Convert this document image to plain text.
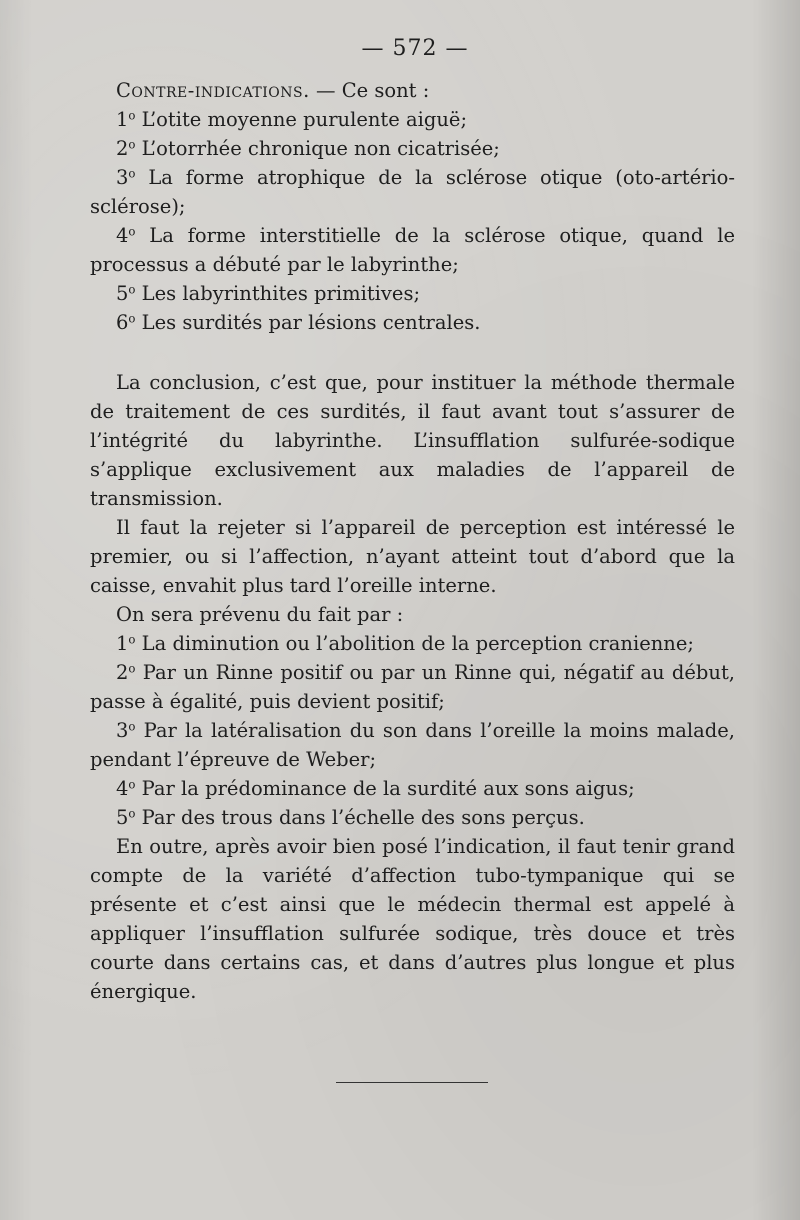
— 572 —

Contre-indications. — Ce sont :

1$^o$ L’otite moyenne purulente aiguë;

2$^o$ L’otorrhée chronique non cicatrisée;

3$^o$ La forme atrophique de la sclérose otique (oto-artério-sclérose);

4$^o$ La forme interstitielle de la sclérose otique, quand le processus a débuté par le labyrinthe;

5$^o$ Les labyrinthites primitives;

6$^o$ Les surdités par lésions centrales.

La conclusion, c’est que, pour instituer la méthode thermale de traitement de ces surdités, il faut avant tout s’assurer de l’intégrité du labyrinthe. L’insufflation sulfurée-sodique s’applique exclusivement aux maladies de l’appareil de transmission.

Il faut la rejeter si l’appareil de perception est intéressé le premier, ou si l’affection, n’ayant atteint tout d’abord que la caisse, envahit plus tard l’oreille interne.

On sera prévenu du fait par :

1$^o$ La diminution ou l’abolition de la perception cranienne;

2$^o$ Par un Rinne positif ou par un Rinne qui, négatif au début, passe à égalité, puis devient positif;

3$^o$ Par la latéralisation du son dans l’oreille la moins malade, pendant l’épreuve de Weber;

4$^o$ Par la prédominance de la surdité aux sons aigus;

5$^o$ Par des trous dans l’échelle des sons perçus.

En outre, après avoir bien posé l’indication, il faut tenir grand compte de la variété d’affection tubo-tympanique qui se présente et c’est ainsi que le médecin thermal est appelé à appliquer l’insufflation sulfurée sodique, très douce et très courte dans certains cas, et dans d’autres plus longue et plus énergique.
